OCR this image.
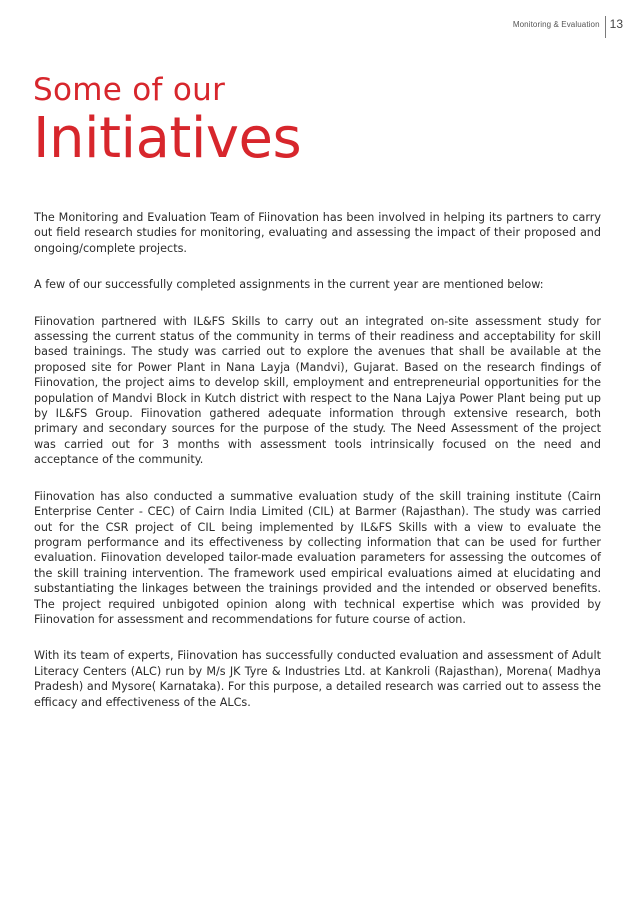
Monitoring & Evaluation 13
Some of our
Initiatives

The Monitoring and Evaluation Team of Fiinovation has been involved in helping its partners to carry out field research studies for monitoring, evaluating and assessing the impact of their proposed and ongoing/complete projects.

A few of our successfully completed assignments in the current year are mentioned below:

Fiinovation partnered with IL&FS Skills to carry out an integrated on-site assessment study for assessing the current status of the community in terms of their readiness and acceptability for skill based trainings. The study was carried out to explore the avenues that shall be available at the proposed site for Power Plant in Nana Layja (Mandvi), Gujarat. Based on the research findings of Fiinovation, the project aims to develop skill, employment and entrepreneurial opportunities for the population of Mandvi Block in Kutch district with respect to the Nana Lajya Power Plant being put up by IL&FS Group. Fiinovation gathered adequate information through extensive research, both primary and secondary sources for the purpose of the study. The Need Assessment of the project was carried out for 3 months with assessment tools intrinsically focused on the need and acceptance of the community.

Fiinovation has also conducted a summative evaluation study of the skill training institute (Cairn Enterprise Center - CEC) of Cairn India Limited (CIL) at Barmer (Rajasthan). The study was carried out for the CSR project of CIL being implemented by IL&FS Skills with a view to evaluate the program performance and its effectiveness by collecting information that can be used for further evaluation. Fiinovation developed tailor-made evaluation parameters for assessing the outcomes of the skill training intervention. The framework used empirical evaluations aimed at elucidating and substantiating the linkages between the trainings provided and the intended or observed benefits. The project required unbigoted opinion along with technical expertise which was provided by Fiinovation for assessment and recommendations for future course of action.

With its team of experts, Fiinovation has successfully conducted evaluation and assessment of Adult Literacy Centers (ALC) run by M/s JK Tyre & Industries Ltd. at Kankroli (Rajasthan), Morena( Madhya Pradesh) and Mysore( Karnataka). For this purpose, a detailed research was carried out to assess the efficacy and effectiveness of the ALCs.
